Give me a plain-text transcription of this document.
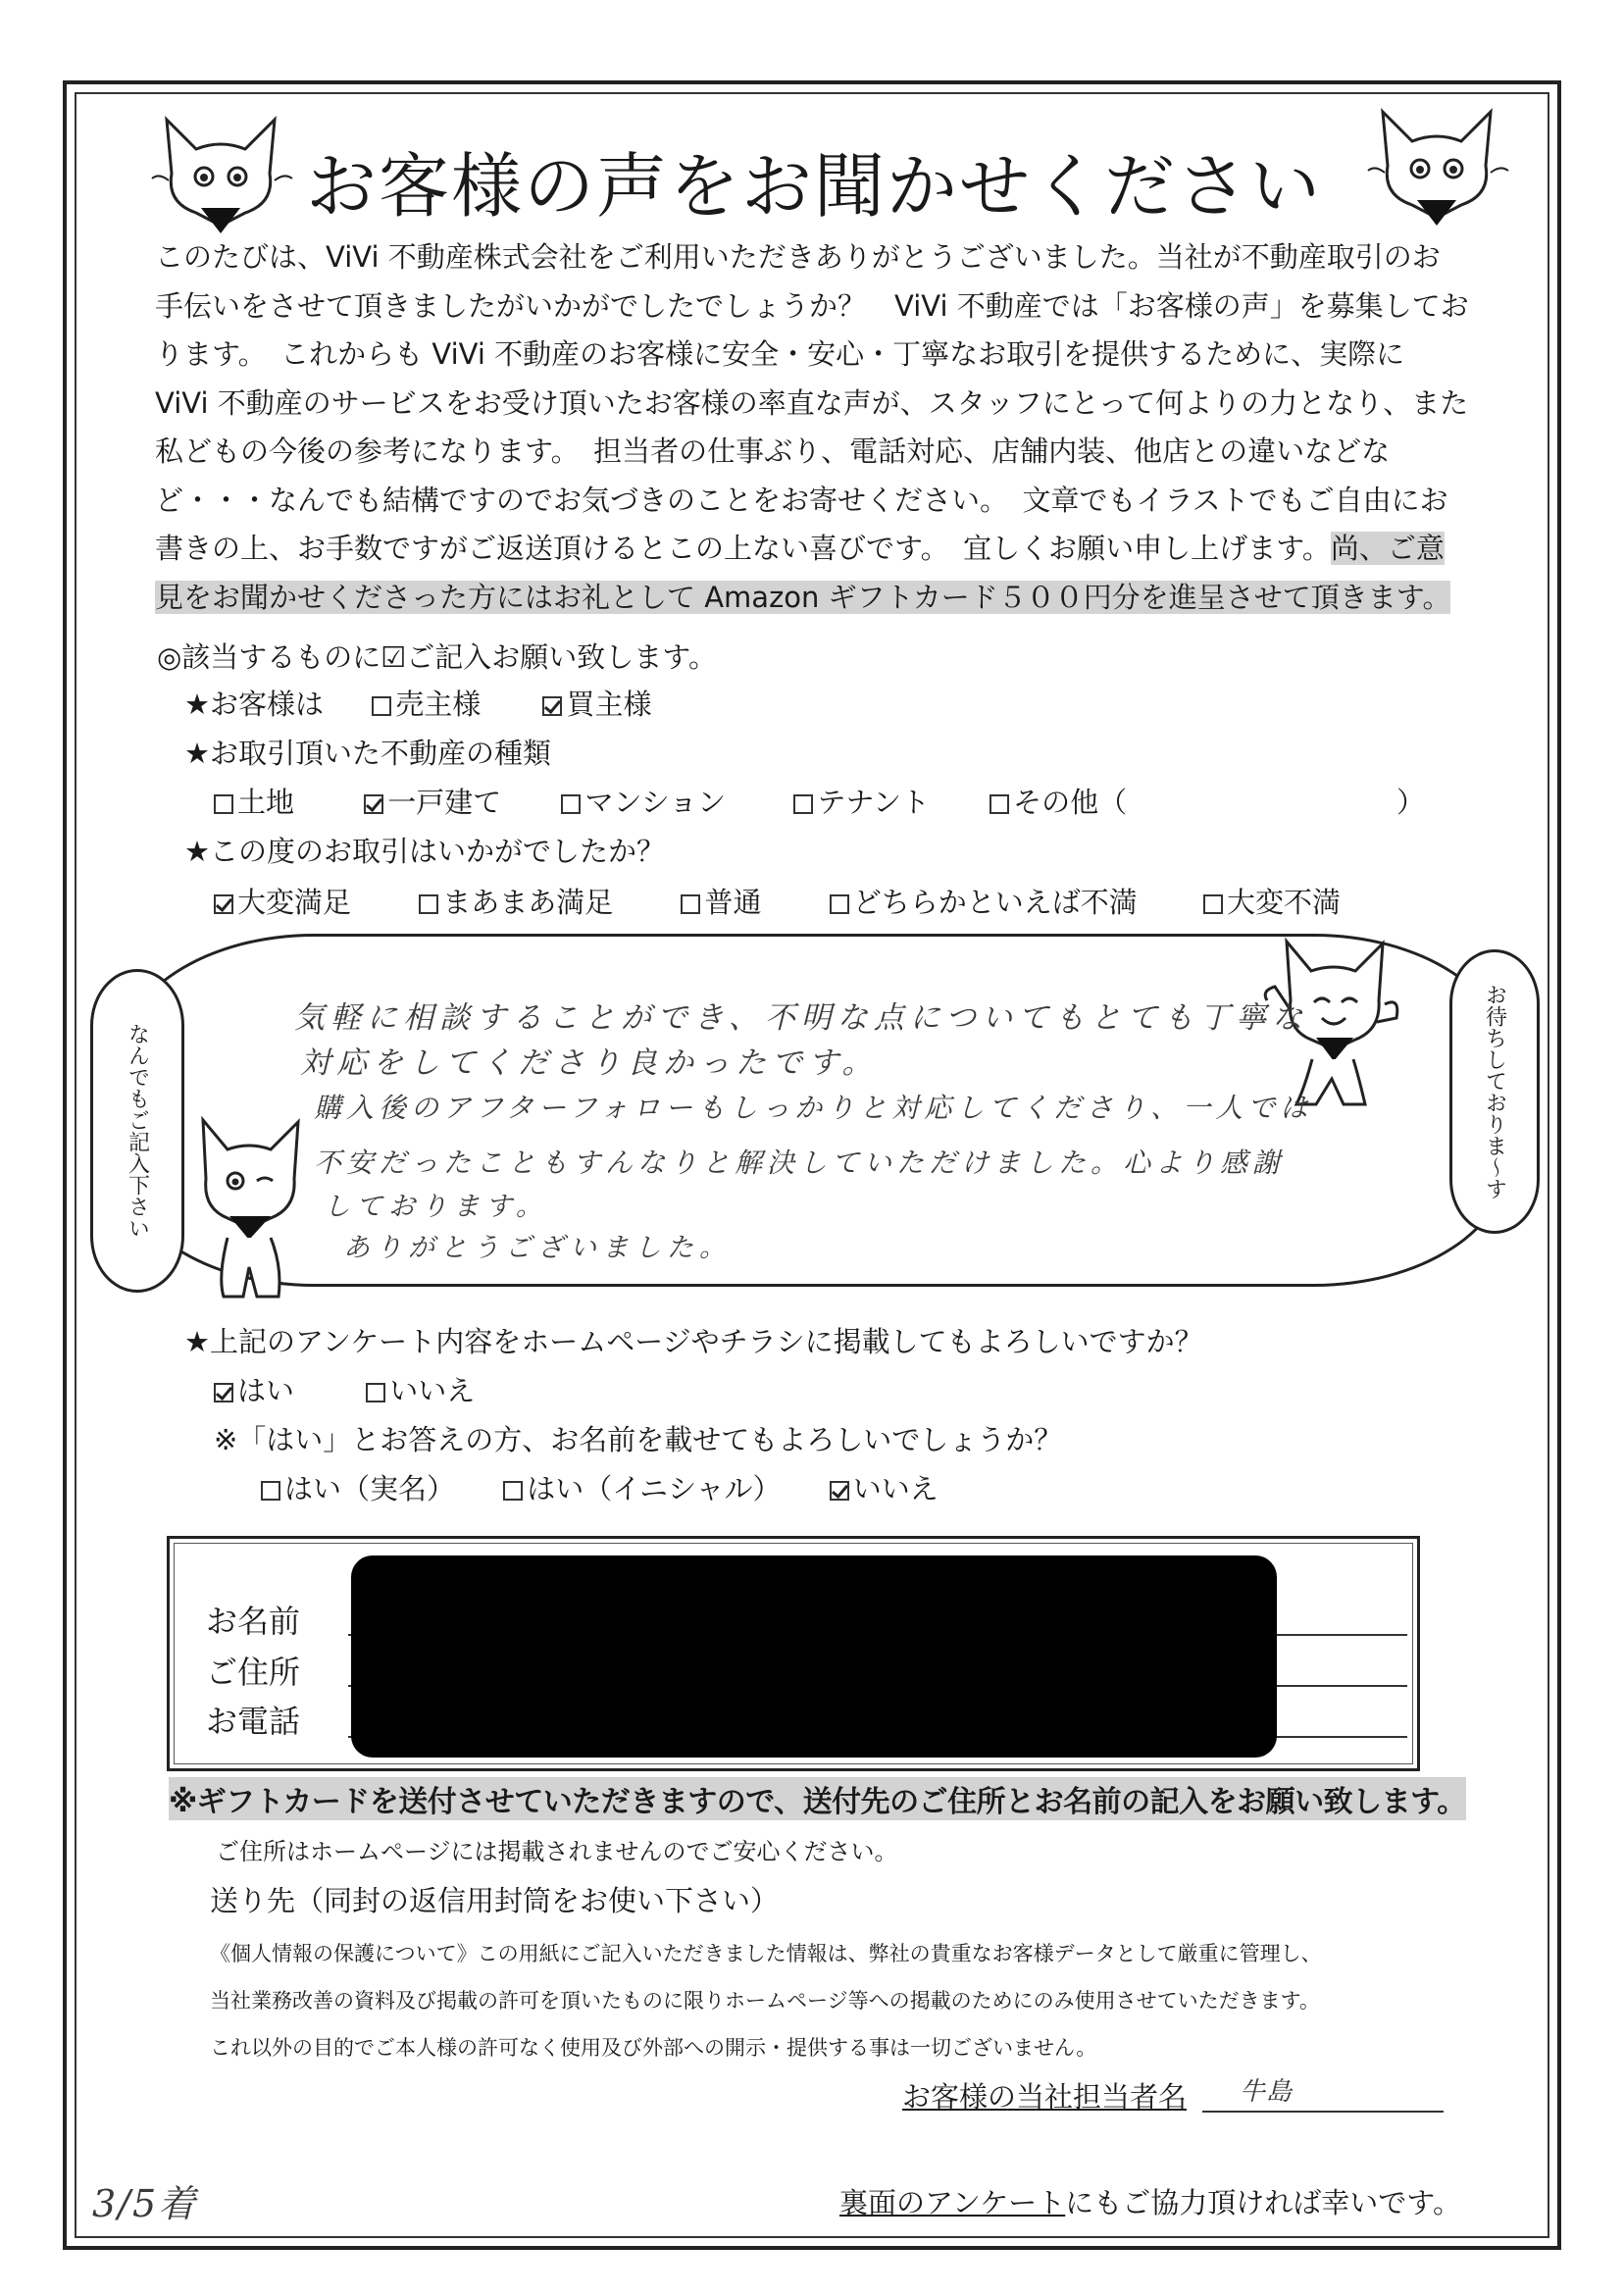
お客様の声をお聞かせください

このたびは、ViVi 不動産株式会社をご利用いただきありがとうございました。当社が不動産取引のお

手伝いをさせて頂きましたがいかがでしたでしょうか？　ViVi 不動産では「お客様の声」を募集してお

ります。　これからも ViVi 不動産のお客様に安全・安心・丁寧なお取引を提供するために、実際に

ViVi 不動産のサービスをお受け頂いたお客様の率直な声が、スタッフにとって何よりの力となり、また

私どもの今後の参考になります。　担当者の仕事ぶり、電話対応、店舗内装、他店との違いなどな

ど・・・なんでも結構ですのでお気づきのことをお寄せください。　文章でもイラストでもご自由にお

書きの上、お手数ですがご返送頂けるとこの上ない喜びです。　宜しくお願い申し上げます。尚、ご意

見をお聞かせくださった方にはお礼として Amazon ギフトカード５００円分を進呈させて頂きます。

◎該当するものに☑ご記入お願い致します。
★お客様は	売主様	買主様
★お取引頂いた不動産の種類
土地	一戸建て	マンション	テナント	その他（	）
★この度のお取引はいかがでしたか？
大変満足	まあまあ満足	普通	どちらかといえば不満	大変不満
なんでもご記入下さい	お待ちしておりま～す
気軽に相談することができ、不明な点についてもとても丁寧な
対応をしてくださり良かったです。
購入後のアフターフォローもしっかりと対応してくださり、一人では
不安だったこともすんなりと解決していただけました。心より感謝
しております。
ありがとうございました。
★上記のアンケート内容をホームページやチラシに掲載してもよろしいですか？
はい	いいえ
※「はい」とお答えの方、お名前を載せてもよろしいでしょうか？
はい（実名）	はい（イニシャル）	いいえ
お名前
ご住所
お電話
※ギフトカードを送付させていただきますので、送付先のご住所とお名前の記入をお願い致します。
ご住所はホームページには掲載されませんのでご安心ください。
送り先（同封の返信用封筒をお使い下さい）
《個人情報の保護について》この用紙にご記入いただきました情報は、弊社の貴重なお客様データとして厳重に管理し、
当社業務改善の資料及び掲載の許可を頂いたものに限りホームページ等への掲載のためにのみ使用させていただきます。
これ以外の目的でご本人様の許可なく使用及び外部への開示・提供する事は一切ございません。
お客様の当社担当者名 牛島
3/5着	裏面のアンケートにもご協力頂ければ幸いです。
